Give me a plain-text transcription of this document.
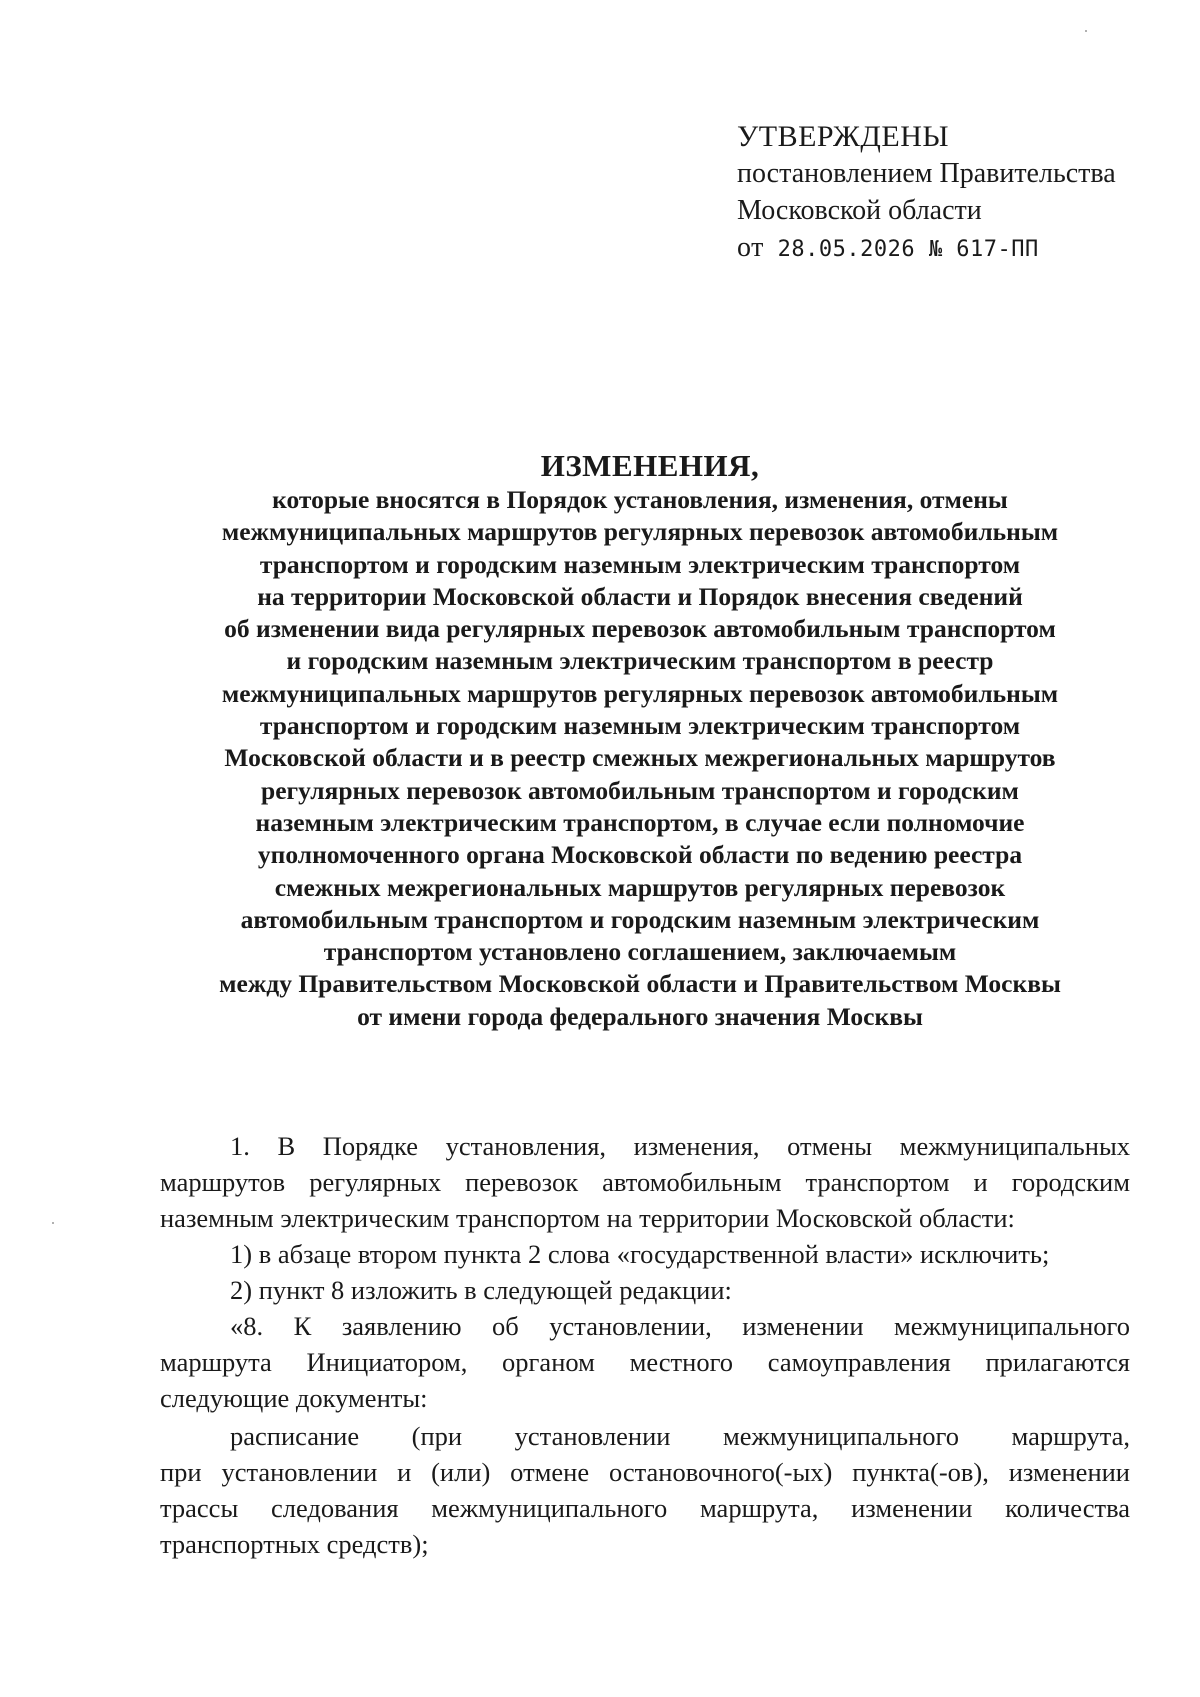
УТВЕРЖДЕНЫ
постановлением Правительства
Московской области
от 28.05.2026 № 617-ПП
ИЗМЕНЕНИЯ,
которые вносятся в Порядок установления, изменения, отмены
межмуниципальных маршрутов регулярных перевозок автомобильным
транспортом и городским наземным электрическим транспортом
на территории Московской области и Порядок внесения сведений
об изменении вида регулярных перевозок автомобильным транспортом
и городским наземным электрическим транспортом в реестр
межмуниципальных маршрутов регулярных перевозок автомобильным
транспортом и городским наземным электрическим транспортом
Московской области и в реестр смежных межрегиональных маршрутов
регулярных перевозок автомобильным транспортом и городским
наземным электрическим транспортом, в случае если полномочие
уполномоченного органа Московской области по ведению реестра
смежных межрегиональных маршрутов регулярных перевозок
автомобильным транспортом и городским наземным электрическим
транспортом установлено соглашением, заключаемым
между Правительством Московской области и Правительством Москвы
от имени города федерального значения Москвы

1. В Порядке установления, изменения, отмены межмуниципальных
маршрутов регулярных перевозок автомобильным транспортом и городским
наземным электрическим транспортом на территории Московской области:

1) в абзаце втором пункта 2 слова «государственной власти» исключить;

2) пункт 8 изложить в следующей редакции:

«8. К заявлению об установлении, изменении межмуниципального
маршрута Инициатором, органом местного самоуправления прилагаются
следующие документы:

расписание (при установлении межмуниципального маршрута,
при установлении и (или) отмене остановочного(-ых) пункта(-ов), изменении
трассы следования межмуниципального маршрута, изменении количества
транспортных средств);
